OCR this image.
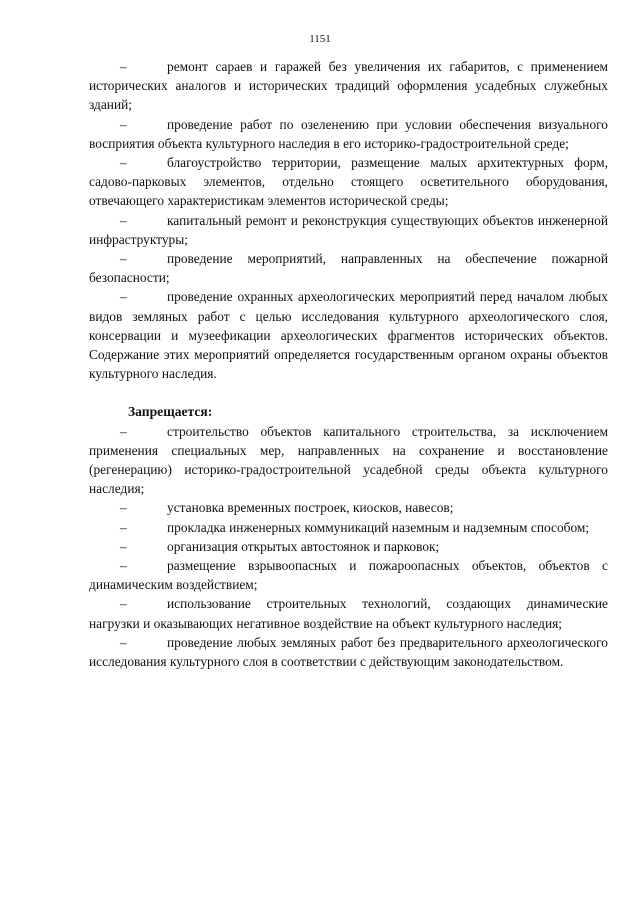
1151
–	ремонт сараев и гаражей без увеличения их габаритов, с применением исторических аналогов и исторических традиций оформления усадебных служебных зданий;
–	проведение работ по озеленению при условии обеспечения визуального восприятия объекта культурного наследия в его историко-градостроительной среде;
–	благоустройство территории, размещение малых архитектурных форм, садово-парковых элементов, отдельно стоящего осветительного оборудования, отвечающего характеристикам элементов исторической среды;
–	капитальный ремонт и реконструкция существующих объектов инженерной инфраструктуры;
–	проведение мероприятий, направленных на обеспечение пожарной безопасности;
–	проведение охранных археологических мероприятий перед началом любых видов земляных работ с целью исследования культурного археологического слоя, консервации и музеефикации археологических фрагментов исторических объектов. Содержание этих мероприятий определяется государственным органом охраны объектов культурного наследия.
Запрещается:
–	строительство объектов капитального строительства, за исключением применения специальных мер, направленных на сохранение и восстановление (регенерацию) историко-градостроительной усадебной среды объекта культурного наследия;
–	установка временных построек, киосков, навесов;
–	прокладка инженерных коммуникаций наземным и надземным способом;
–	организация открытых автостоянок и парковок;
–	размещение взрывоопасных и пожароопасных объектов, объектов с динамическим воздействием;
–	использование строительных технологий, создающих динамические нагрузки и оказывающих негативное воздействие на объект культурного наследия;
–	проведение любых земляных работ без предварительного археологического исследования культурного слоя в соответствии с действующим законодательством.
